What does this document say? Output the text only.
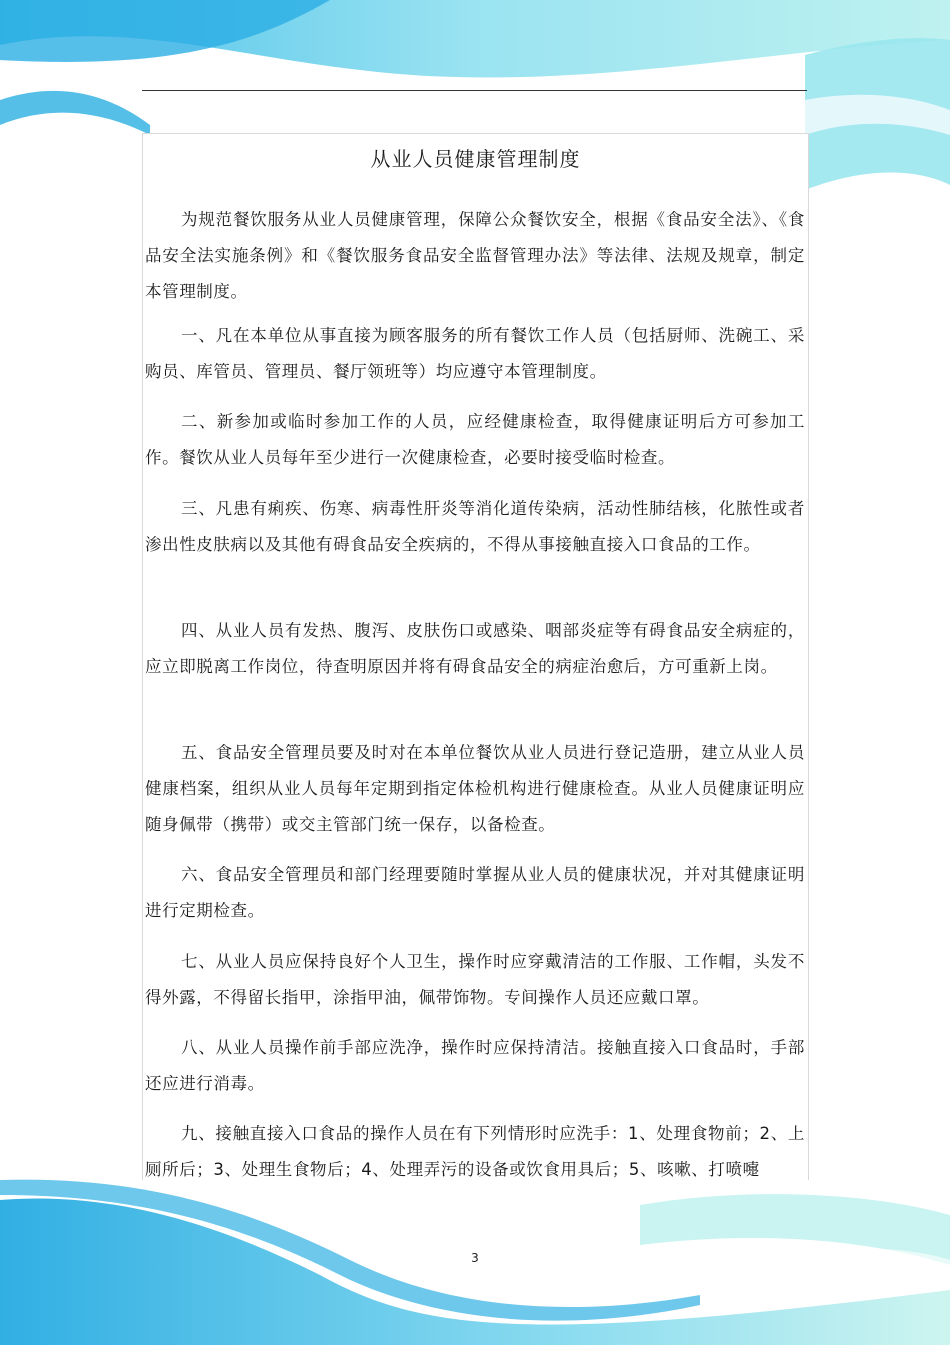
从业人员健康管理制度

为规范餐饮服务从业人员健康管理，保障公众餐饮安全，根据《食品安全法》、《食品安全法实施条例》和《餐饮服务食品安全监督管理办法》等法律、法规及规章，制定本管理制度。

一、凡在本单位从事直接为顾客服务的所有餐饮工作人员（包括厨师、洗碗工、采购员、库管员、管理员、餐厅领班等）均应遵守本管理制度。

二、新参加或临时参加工作的人员，应经健康检查，取得健康证明后方可参加工作。餐饮从业人员每年至少进行一次健康检查，必要时接受临时检查。

三、凡患有痢疾、伤寒、病毒性肝炎等消化道传染病，活动性肺结核，化脓性或者渗出性皮肤病以及其他有碍食品安全疾病的，不得从事接触直接入口食品的工作。

四、从业人员有发热、腹泻、皮肤伤口或感染、咽部炎症等有碍食品安全病症的，应立即脱离工作岗位，待查明原因并将有碍食品安全的病症治愈后，方可重新上岗。

五、食品安全管理员要及时对在本单位餐饮从业人员进行登记造册，建立从业人员健康档案，组织从业人员每年定期到指定体检机构进行健康检查。从业人员健康证明应随身佩带（携带）或交主管部门统一保存，以备检查。

六、食品安全管理员和部门经理要随时掌握从业人员的健康状况，并对其健康证明进行定期检查。

七、从业人员应保持良好个人卫生，操作时应穿戴清洁的工作服、工作帽，头发不得外露，不得留长指甲，涂指甲油，佩带饰物。专间操作人员还应戴口罩。

八、从业人员操作前手部应洗净，操作时应保持清洁。接触直接入口食品时，手部还应进行消毒。

九、接触直接入口食品的操作人员在有下列情形时应洗手：1、处理食物前；2、上厕所后；3、处理生食物后；4、处理弄污的设备或饮食用具后；5、咳嗽、打喷嚏

3
